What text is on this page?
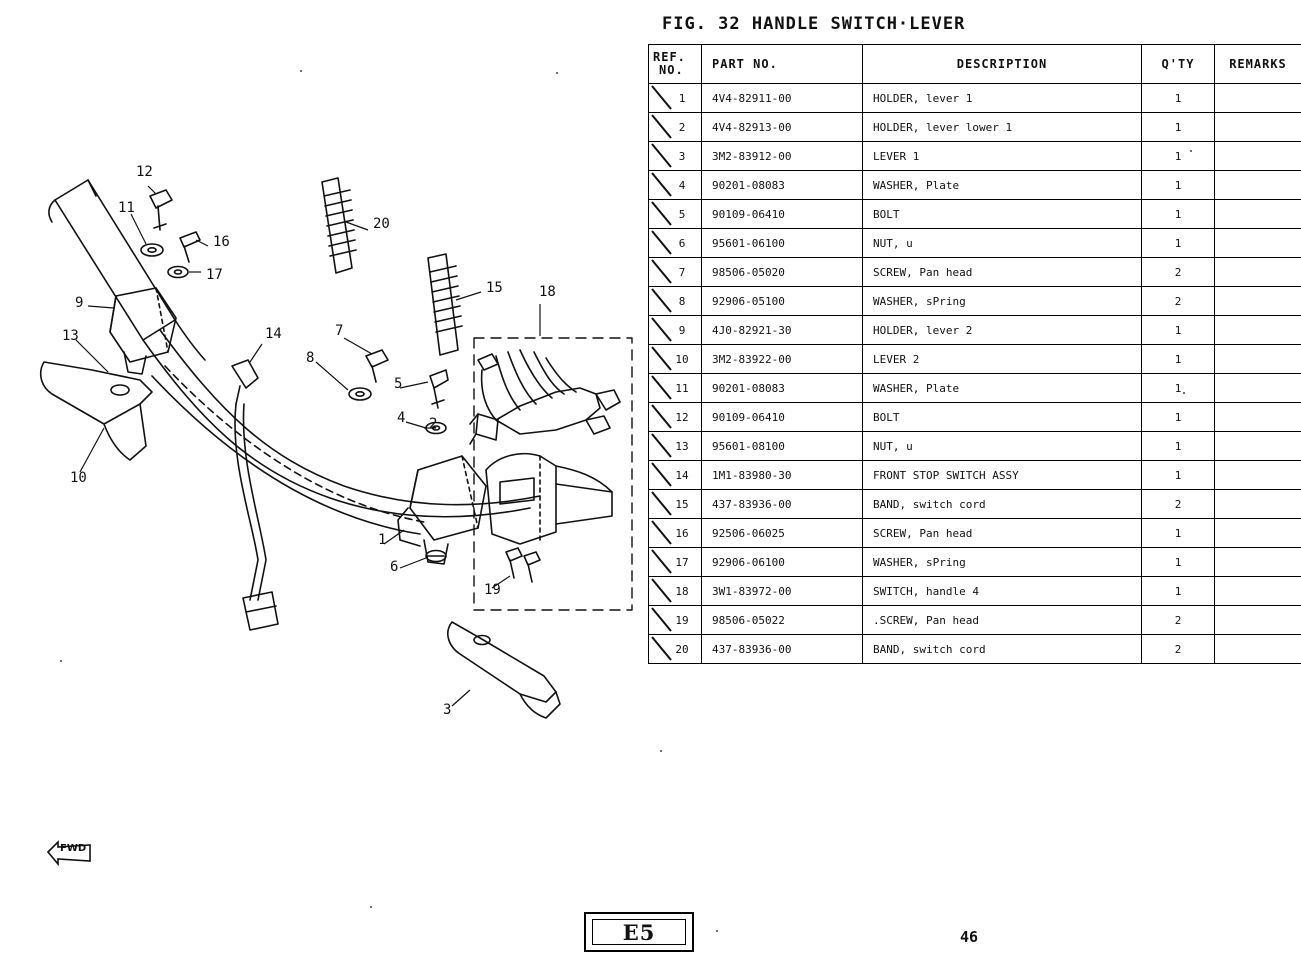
12
11
16
17
9
13
20
15	18
7
8
14
5
4 2
10
1
6
19
3
FIG. 32 HANDLE SWITCH·LEVER
REF.
NO.	PART NO.	DESCRIPTION	Q'TY	REMARKS

1	4V4-82911-00	HOLDER, lever 1	1	

2	4V4-82913-00	HOLDER, lever lower 1	1	

3	3M2-83912-00	LEVER 1	1	

4	90201-08083	WASHER, Plate	1	

5	90109-06410	BOLT	1	

6	95601-06100	NUT, u	1	

7	98506-05020	SCREW, Pan head	2	

8	92906-05100	WASHER, sPring	2	

9	4J0-82921-30	HOLDER, lever 2	1	

10	3M2-83922-00	LEVER 2	1	

11	90201-08083	WASHER, Plate	1	

12	90109-06410	BOLT	1	

13	95601-08100	NUT, u	1	

14	1M1-83980-30	FRONT STOP SWITCH ASSY	1	

15	437-83936-00	BAND, switch cord	2	

16	92506-06025	SCREW, Pan head	1	

17	92906-06100	WASHER, sPring	1	

18	3W1-83972-00	SWITCH, handle 4	1	

19	98506-05022	.SCREW, Pan head	2	

20	437-83936-00	BAND, switch cord	2	
FWD
E5	46
